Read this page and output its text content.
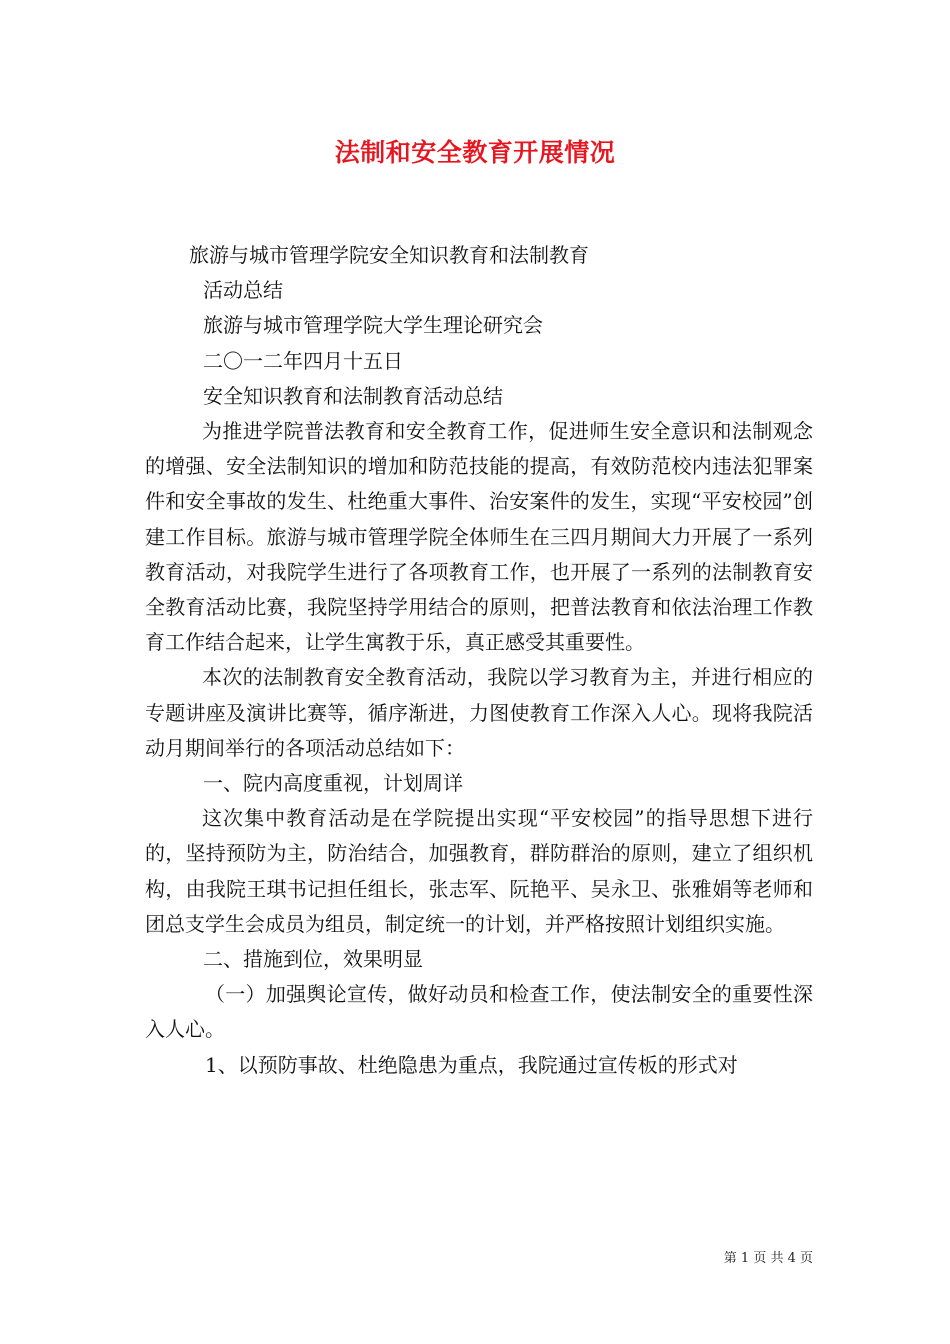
法制和安全教育开展情况
旅游与城市管理学院安全知识教育和法制教育
活动总结
旅游与城市管理学院大学生理论研究会
二〇一二年四月十五日
安全知识教育和法制教育活动总结

为推进学院普法教育和安全教育工作，促进师生安全意识和法制观念的增强、安全法制知识的增加和防范技能的提高，有效防范校内违法犯罪案件和安全事故的发生、杜绝重大事件、治安案件的发生，实现“平安校园”创建工作目标。旅游与城市管理学院全体师生在三四月期间大力开展了一系列教育活动，对我院学生进行了各项教育工作，也开展了一系列的法制教育安全教育活动比赛，我院坚持学用结合的原则，把普法教育和依法治理工作教育工作结合起来，让学生寓教于乐，真正感受其重要性。

本次的法制教育安全教育活动，我院以学习教育为主，并进行相应的专题讲座及演讲比赛等，循序渐进，力图使教育工作深入人心。现将我院活动月期间举行的各项活动总结如下：

一、院内高度重视，计划周详

这次集中教育活动是在学院提出实现“平安校园”的指导思想下进行的，坚持预防为主，防治结合，加强教育，群防群治的原则，建立了组织机构，由我院王琪书记担任组长，张志军、阮艳平、吴永卫、张雅娟等老师和团总支学生会成员为组员，制定统一的计划，并严格按照计划组织实施。

二、措施到位，效果明显

（一）加强舆论宣传，做好动员和检查工作，使法制安全的重要性深入人心。

1、以预防事故、杜绝隐患为重点，我院通过宣传板的形式对

第 1 页 共 4 页
